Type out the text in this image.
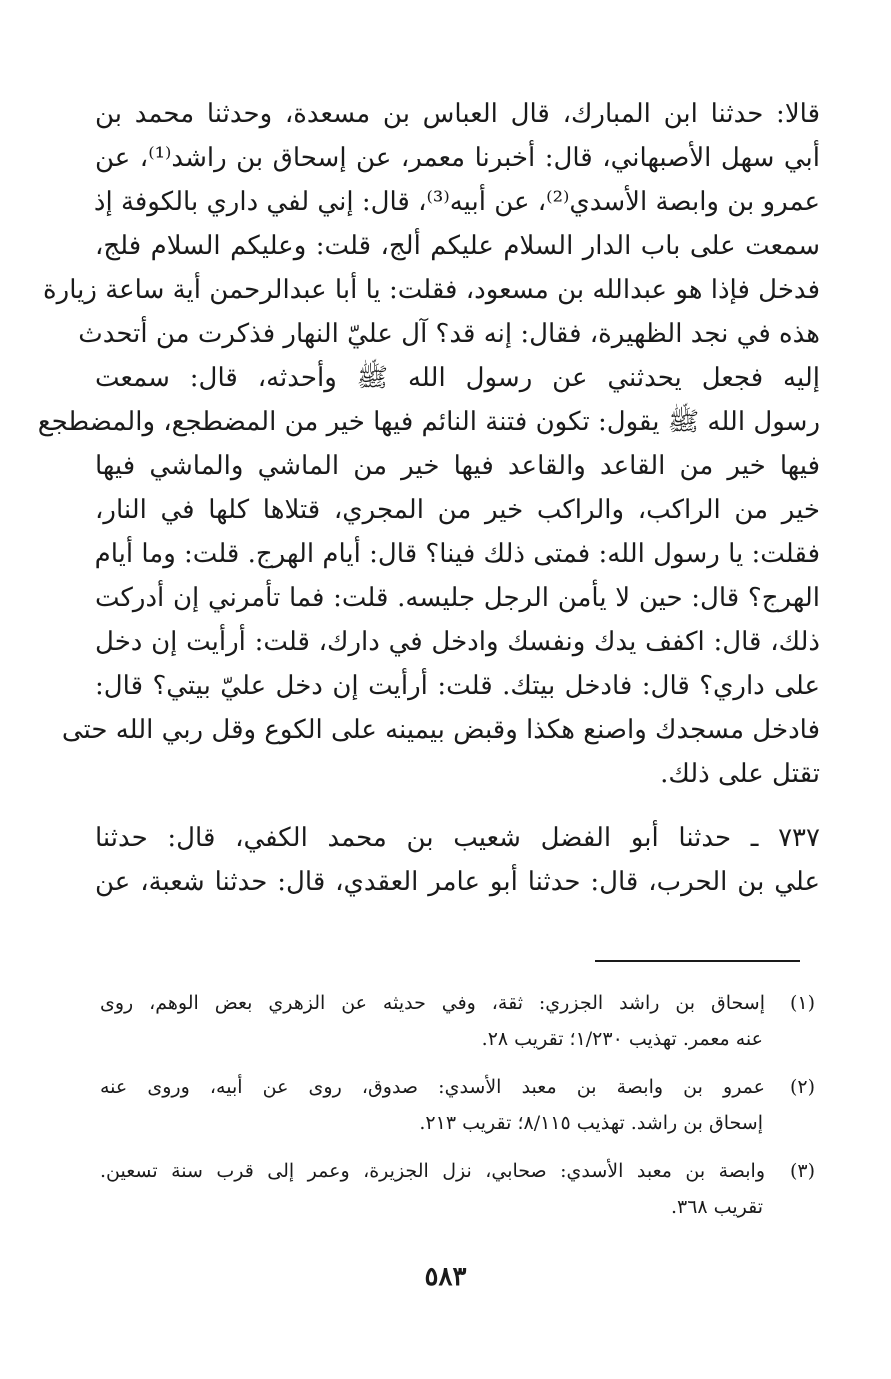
قالا: حدثنا ابن المبارك، قال العباس بن مسعدة، وحدثنا محمد بن
أبي سهل الأصبهاني، قال: أخبرنا معمر، عن إسحاق بن راشد⁽¹⁾، عن
عمرو بن وابصة الأسدي⁽²⁾، عن أبيه⁽³⁾، قال: إني لفي داري بالكوفة إذ
سمعت على باب الدار السلام عليكم ألج، قلت: وعليكم السلام فلج،
فدخل فإذا هو عبدالله بن مسعود، فقلت: يا أبا عبدالرحمن أية ساعة زيارة
هذه في نجد الظهيرة، فقال: إنه قد؟ آل عليّ النهار فذكرت من أتحدث
إليه فجعل يحدثني عن رسول الله ﷺ وأحدثه، قال: سمعت
رسول الله ﷺ يقول: تكون فتنة النائم فيها خير من المضطجع، والمضطجع
فيها خير من القاعد والقاعد فيها خير من الماشي والماشي فيها
خير من الراكب، والراكب خير من المجري، قتلاها كلها في النار،
فقلت: يا رسول الله: فمتى ذلك فينا؟ قال: أيام الهرج. قلت: وما أيام
الهرج؟ قال: حين لا يأمن الرجل جليسه. قلت: فما تأمرني إن أدركت
ذلك، قال: اكفف يدك ونفسك وادخل في دارك، قلت: أرأيت إن دخل
على داري؟ قال: فادخل بيتك. قلت: أرأيت إن دخل عليّ بيتي؟ قال:
فادخل مسجدك واصنع هكذا وقبض بيمينه على الكوع وقل ربي الله حتى
تقتل على ذلك.
٧٣٧ ـ حدثنا أبو الفضل شعيب بن محمد الكفي، قال: حدثنا
علي بن الحرب، قال: حدثنا أبو عامر العقدي، قال: حدثنا شعبة، عن
(١)إسحاق بن راشد الجزري: ثقة، وفي حديثه عن الزهري بعض الوهم، روى
عنه معمر. تهذيب ١/٢٣٠؛ تقريب ٢٨.
(٢)عمرو بن وابصة بن معبد الأسدي: صدوق، روى عن أبيه، وروى عنه
إسحاق بن راشد. تهذيب ٨/١١٥؛ تقريب ٢١٣.
(٣)وابصة بن معبد الأسدي: صحابي، نزل الجزيرة، وعمر إلى قرب سنة تسعين.
تقريب ٣٦٨.
٥٨٣
